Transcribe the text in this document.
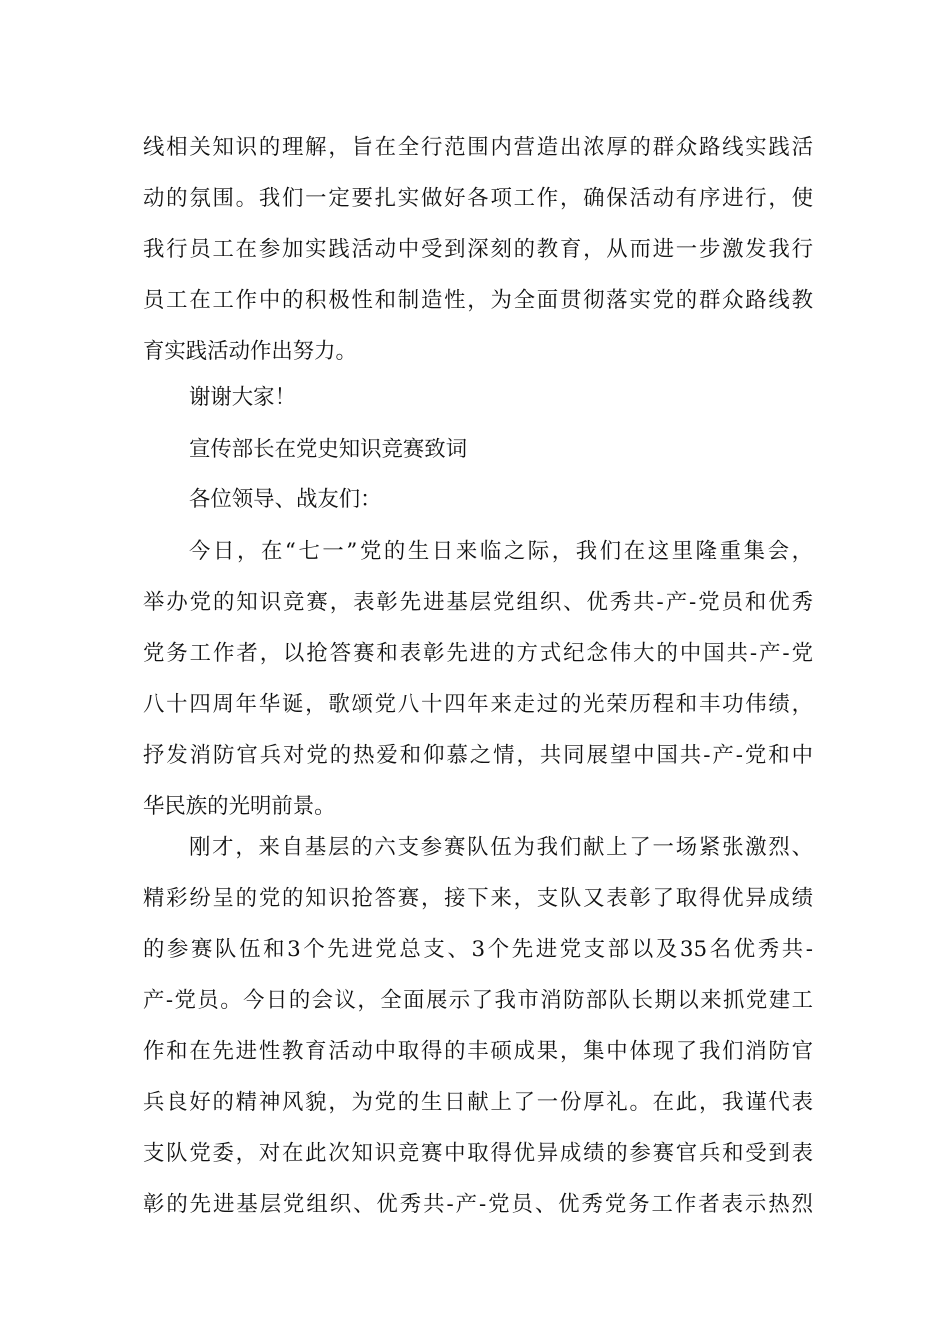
线相关知识的理解，旨在全行范围内营造出浓厚的群众路线实践活
动的氛围。我们一定要扎实做好各项工作，确保活动有序进行，使
我行员工在参加实践活动中受到深刻的教育，从而进一步激发我行
员工在工作中的积极性和制造性，为全面贯彻落实党的群众路线教
育实践活动作出努力。
谢谢大家！
宣传部长在党史知识竞赛致词
各位领导、战友们：
今日，在“七一”党的生日来临之际，我们在这里隆重集会，
举办党的知识竞赛，表彰先进基层党组织、优秀共-产-党员和优秀
党务工作者，以抢答赛和表彰先进的方式纪念伟大的中国共-产-党
八十四周年华诞，歌颂党八十四年来走过的光荣历程和丰功伟绩，
抒发消防官兵对党的热爱和仰慕之情，共同展望中国共-产-党和中
华民族的光明前景。
刚才，来自基层的六支参赛队伍为我们献上了一场紧张激烈、
精彩纷呈的党的知识抢答赛，接下来，支队又表彰了取得优异成绩
的参赛队伍和3个先进党总支、3个先进党支部以及35名优秀共-
产-党员。今日的会议，全面展示了我市消防部队长期以来抓党建工
作和在先进性教育活动中取得的丰硕成果，集中体现了我们消防官
兵良好的精神风貌，为党的生日献上了一份厚礼。在此，我谨代表
支队党委，对在此次知识竞赛中取得优异成绩的参赛官兵和受到表
彰的先进基层党组织、优秀共-产-党员、优秀党务工作者表示热烈
